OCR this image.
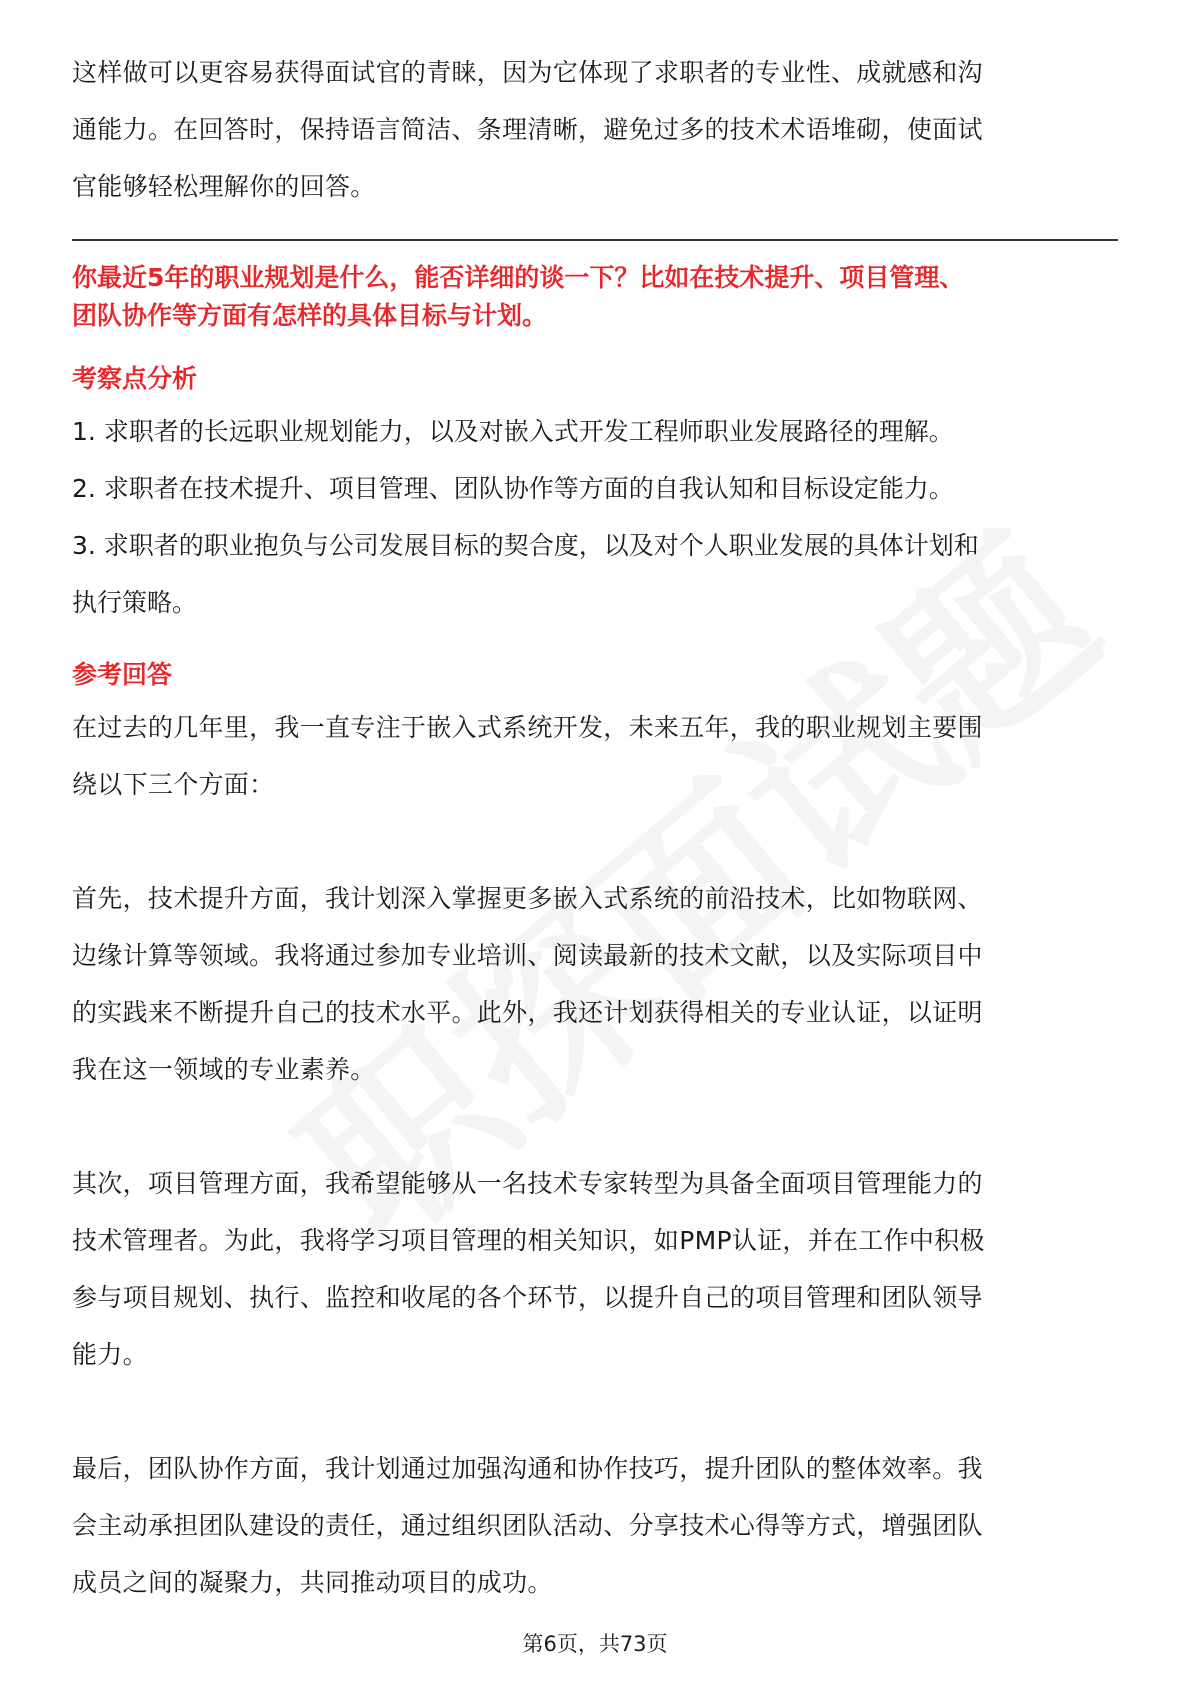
这样做可以更容易获得面试官的青睐，因为它体现了求职者的专业性、成就感和沟

通能力。在回答时，保持语言简洁、条理清晰，避免过多的技术术语堆砌，使面试

官能够轻松理解你的回答。

你最近5年的职业规划是什么，能否详细的谈一下？比如在技术提升、项目管理、

团队协作等方面有怎样的具体目标与计划。

考察点分析

1. 求职者的长远职业规划能力，以及对嵌入式开发工程师职业发展路径的理解。

2. 求职者在技术提升、项目管理、团队协作等方面的自我认知和目标设定能力。

3. 求职者的职业抱负与公司发展目标的契合度，以及对个人职业发展的具体计划和

执行策略。

参考回答

在过去的几年里，我一直专注于嵌入式系统开发，未来五年，我的职业规划主要围

绕以下三个方面：

首先，技术提升方面，我计划深入掌握更多嵌入式系统的前沿技术，比如物联网、

边缘计算等领域。我将通过参加专业培训、阅读最新的技术文献，以及实际项目中

的实践来不断提升自己的技术水平。此外，我还计划获得相关的专业认证，以证明

我在这一领域的专业素养。

其次，项目管理方面，我希望能够从一名技术专家转型为具备全面项目管理能力的

技术管理者。为此，我将学习项目管理的相关知识，如PMP认证，并在工作中积极

参与项目规划、执行、监控和收尾的各个环节，以提升自己的项目管理和团队领导

能力。

最后，团队协作方面，我计划通过加强沟通和协作技巧，提升团队的整体效率。我

会主动承担团队建设的责任，通过组织团队活动、分享技术心得等方式，增强团队

成员之间的凝聚力，共同推动项目的成功。

第6页，共73页
